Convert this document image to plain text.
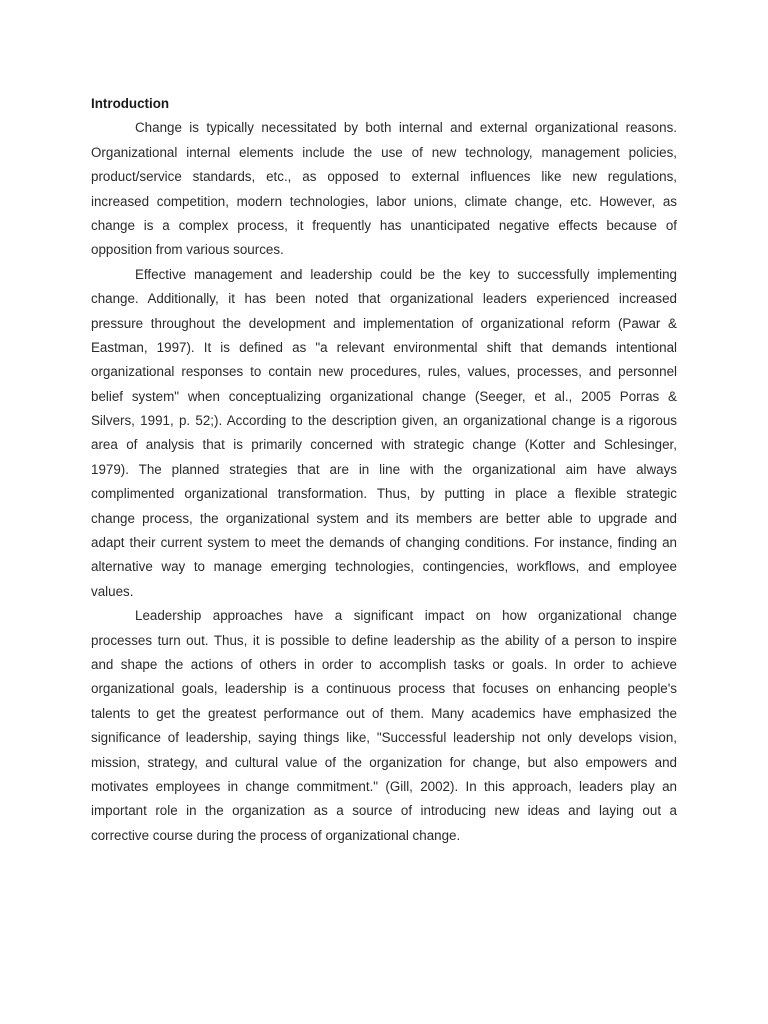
Introduction
Change is typically necessitated by both internal and external organizational reasons.
Organizational internal elements include the use of new technology, management policies,
product/service standards, etc., as opposed to external influences like new regulations,
increased competition, modern technologies, labor unions, climate change, etc. However, as
change is a complex process, it frequently has unanticipated negative effects because of
opposition from various sources.
Effective management and leadership could be the key to successfully implementing
change. Additionally, it has been noted that organizational leaders experienced increased
pressure throughout the development and implementation of organizational reform (Pawar &
Eastman, 1997). It is defined as "a relevant environmental shift that demands intentional
organizational responses to contain new procedures, rules, values, processes, and personnel
belief system" when conceptualizing organizational change (Seeger, et al., 2005 Porras &
Silvers, 1991, p. 52;). According to the description given, an organizational change is a rigorous
area of analysis that is primarily concerned with strategic change (Kotter and Schlesinger,
1979). The planned strategies that are in line with the organizational aim have always
complimented organizational transformation. Thus, by putting in place a flexible strategic
change process, the organizational system and its members are better able to upgrade and
adapt their current system to meet the demands of changing conditions. For instance, finding an
alternative way to manage emerging technologies, contingencies, workflows, and employee
values.
Leadership approaches have a significant impact on how organizational change
processes turn out. Thus, it is possible to define leadership as the ability of a person to inspire
and shape the actions of others in order to accomplish tasks or goals. In order to achieve
organizational goals, leadership is a continuous process that focuses on enhancing people's
talents to get the greatest performance out of them. Many academics have emphasized the
significance of leadership, saying things like, "Successful leadership not only develops vision,
mission, strategy, and cultural value of the organization for change, but also empowers and
motivates employees in change commitment." (Gill, 2002). In this approach, leaders play an
important role in the organization as a source of introducing new ideas and laying out a
corrective course during the process of organizational change.
